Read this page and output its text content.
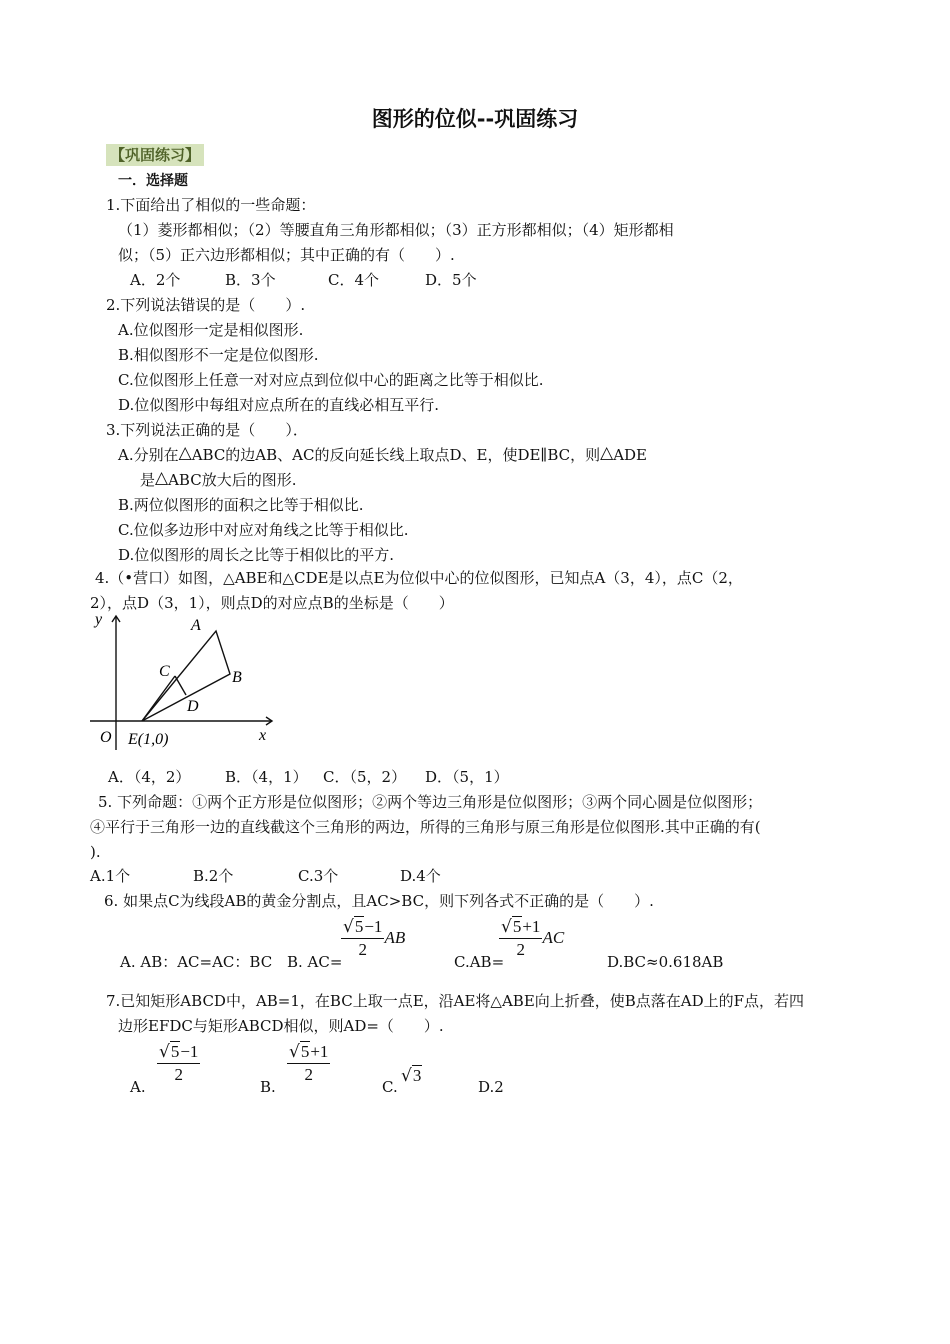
图形的位似--巩固练习
【巩固练习】
一．选择题
1.下面给出了相似的一些命题：
（1）菱形都相似；（2）等腰直角三角形都相似；（3）正方形都相似；（4）矩形都相
似；（5）正六边形都相似；其中正确的有（　　）.
A．2个	B．3个	C．4个	D．5个
2.下列说法错误的是（　　）.
A.位似图形一定是相似图形.
B.相似图形不一定是位似图形.
C.位似图形上任意一对对应点到位似中心的距离之比等于相似比.
D.位似图形中每组对应点所在的直线必相互平行.
3.下列说法正确的是（　　）．
A.分别在△ABC的边AB、AC的反向延长线上取点D、E，使DE∥BC，则△ADE
是△ABC放大后的图形.
B.两位似图形的面积之比等于相似比.
C.位似多边形中对应对角线之比等于相似比.
D.位似图形的周长之比等于相似比的平方.
4.（•营口）如图，△ABE和△CDE是以点E为位似中心的位似图形，已知点A（3，4），点C（2，
2），点D（3，1），则点D的对应点B的坐标是（　　）
y
x
O E(1,0)
A
B
C
D
A．（4，2） B．（4，1） C．（5，2） D．（5，1）
5. 下列命题：①两个正方形是位似图形；②两个等边三角形是位似图形；③两个同心圆是位似图形；
④平行于三角形一边的直线截这个三角形的两边，所得的三角形与原三角形是位似图形.其中正确的有(
).
A.1个	B.2个	C.3个	D.4个
6. 如果点C为线段AB的黄金分割点，且AC>BC，则下列各式不正确的是（　　）.
A. AB：AC=AC：BC B. AC=
$\frac{√5-1}{2}$ AB
C.AB=
$\frac{√5+1}{2}$ AC
D.BC≈0.618AB
7.已知矩形ABCD中，AB=1，在BC上取一点E，沿AE将△ABE向上折叠，使B点落在AD上的F点，若四
边形EFDC与矩形ABCD相似，则AD=（　　）.
A.
$\frac{√5-1}{2}$
B.
$\frac{√5+1}{2}$
C.
√3
D.2
